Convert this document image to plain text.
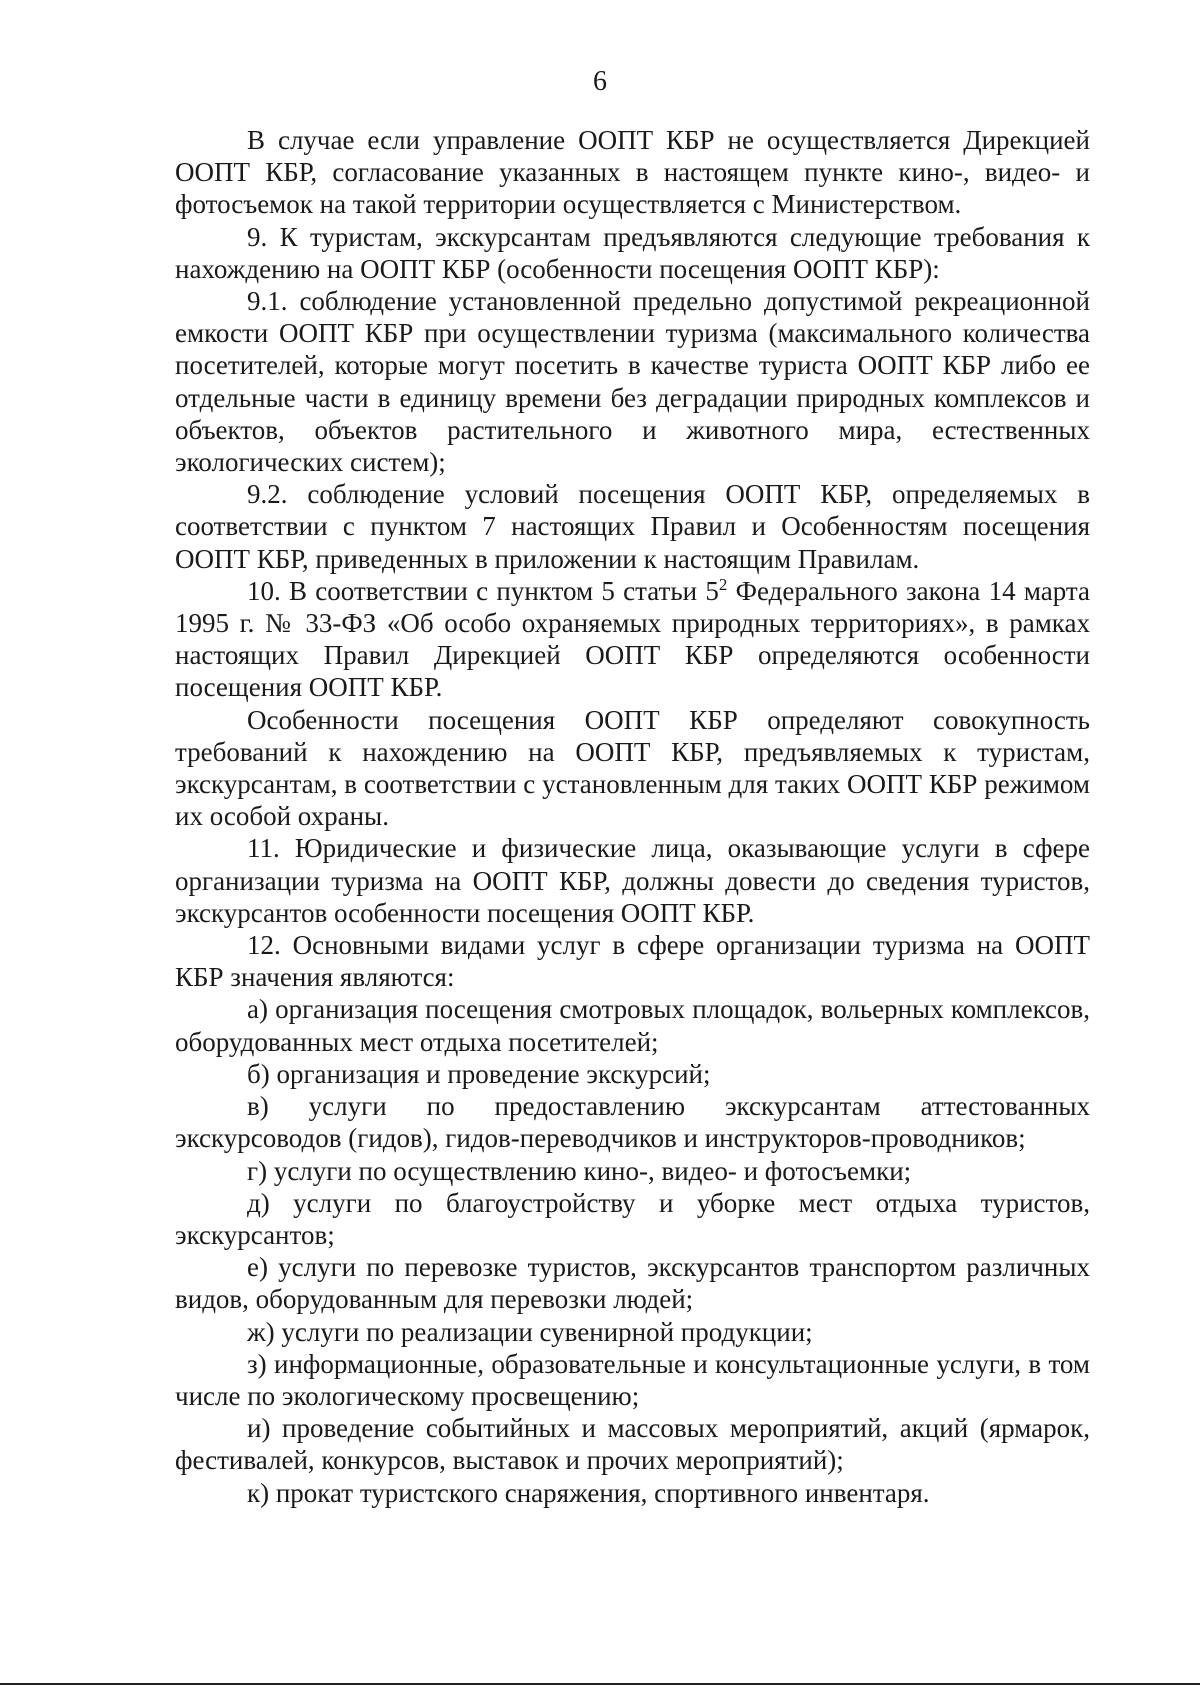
6

В случае если управление ООПТ КБР не осуществляется Дирекцией ООПТ КБР, согласование указанных в настоящем пункте кино-, видео- и фотосъемок на такой территории осуществляется с Министерством.

9. К туристам, экскурсантам предъявляются следующие требования к нахождению на ООПТ КБР (особенности посещения ООПТ КБР):

9.1. соблюдение установленной предельно допустимой рекреационной емкости ООПТ КБР при осуществлении туризма (максимального количества посетителей, которые могут посетить в качестве туриста ООПТ КБР либо ее отдельные части в единицу времени без деградации природных комплексов и объектов, объектов растительного и животного мира, естественных экологических систем);

9.2. соблюдение условий посещения ООПТ КБР, определяемых в соответствии с пунктом 7 настоящих Правил и Особенностям посещения ООПТ КБР, приведенных в приложении к настоящим Правилам.

10. В соответствии с пунктом 5 статьи $5^2$ Федерального закона 14 марта 1995 г. № 33-ФЗ «Об особо охраняемых природных территориях», в рамках настоящих Правил Дирекцией ООПТ КБР определяются особенности посещения ООПТ КБР.

Особенности посещения ООПТ КБР определяют совокупность требований к нахождению на ООПТ КБР, предъявляемых к туристам, экскурсантам, в соответствии с установленным для таких ООПТ КБР режимом их особой охраны.

11. Юридические и физические лица, оказывающие услуги в сфере организации туризма на ООПТ КБР, должны довести до сведения туристов, экскурсантов особенности посещения ООПТ КБР.

12. Основными видами услуг в сфере организации туризма на ООПТ КБР значения являются:

а) организация посещения смотровых площадок, вольерных комплексов, оборудованных мест отдыха посетителей;

б) организация и проведение экскурсий;

в) услуги по предоставлению экскурсантам аттестованных экскурсоводов (гидов), гидов-переводчиков и инструкторов-проводников;

г) услуги по осуществлению кино-, видео- и фотосъемки;

д) услуги по благоустройству и уборке мест отдыха туристов, экскурсантов;

е) услуги по перевозке туристов, экскурсантов транспортом различных видов, оборудованным для перевозки людей;

ж) услуги по реализации сувенирной продукции;

з) информационные, образовательные и консультационные услуги, в том числе по экологическому просвещению;

и) проведение событийных и массовых мероприятий, акций (ярмарок, фестивалей, конкурсов, выставок и прочих мероприятий);

к) прокат туристского снаряжения, спортивного инвентаря.
